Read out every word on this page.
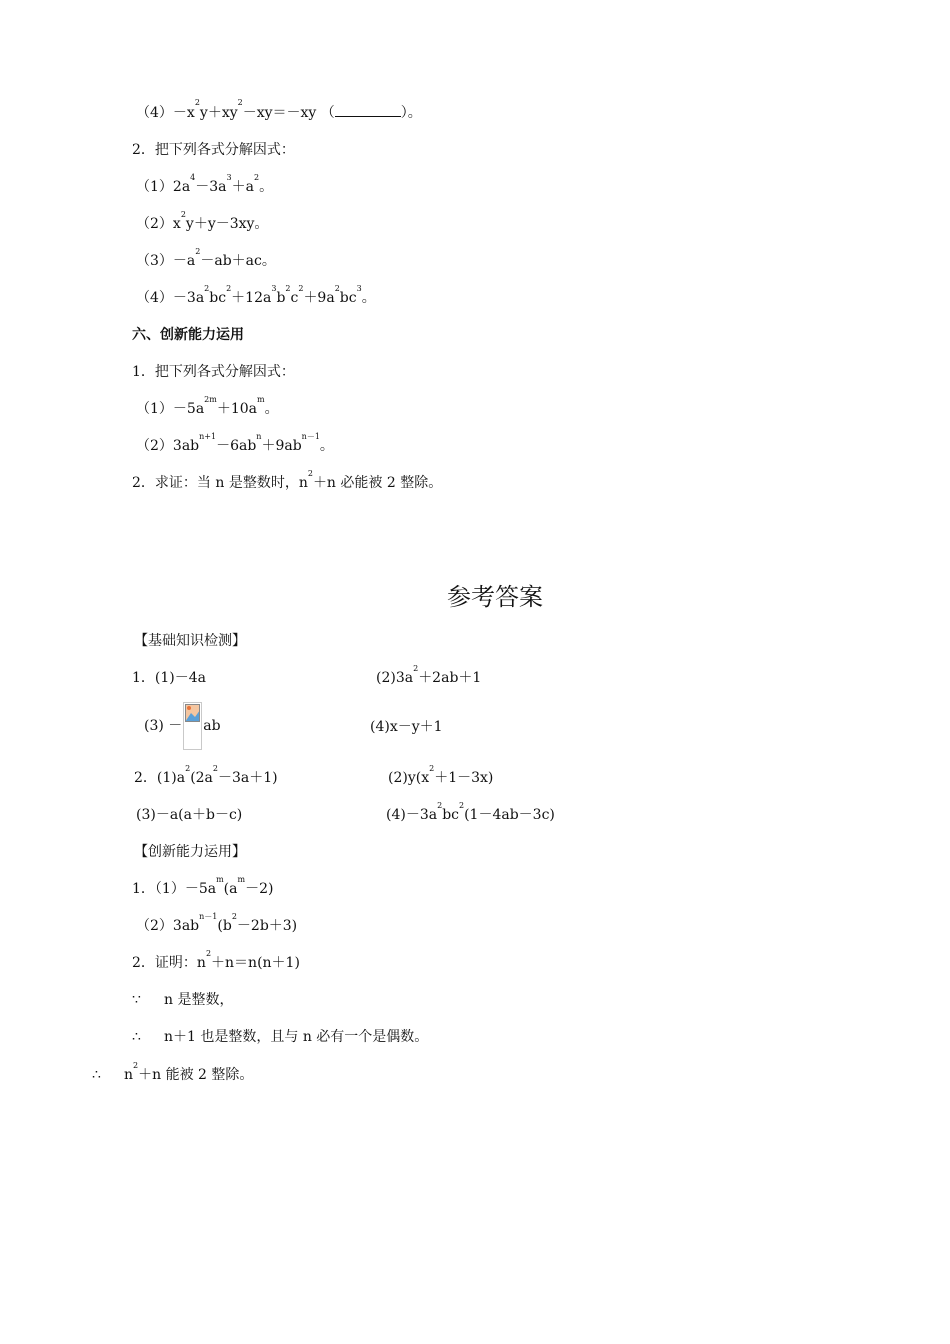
$(4)-x^2y+xy^2-xy=-xy$ （	）。
2．把下列各式分解因式：
$(1)2a^4-3a^3+a^2$。
$(2)x^2y+y-3xy$。
$(3)-a^2-ab+ac$。
$(4)-3a^2bc^2+12a^3b^2c^2+9a^2bc^3$。
六、创新能力运用
1．把下列各式分解因式：
$(1)-5a^{2m}+10a^m$。
$(2)3ab^{n+1}-6ab^n+9ab^{n-1}$。
2．求证：当 n 是整数时，$n^2+n$ 必能被 2 整除。
参考答案
【基础知识检测】
1．(1)－4a	$(2)3a^2+2ab+1$
(3) － ab	(4)x－y＋1
2．$(1)a^2(2a^2-3a+1)$	$(2)y(x^2+1-3x)$
(3)－a(a＋b－c)	$(4)-3a^2bc^2(1-4ab-3c)$
【创新能力运用】
1．$(1)-5a^m(a^m-2)$
$(2)3ab^{n-1}(b^2-2b+3)$
2．证明：$n^2+n=n(n+1)$
∵ n 是整数，
∴ n＋1 也是整数，且与 n 必有一个是偶数。
∴ $n^2+n$ 能被 2 整除。
